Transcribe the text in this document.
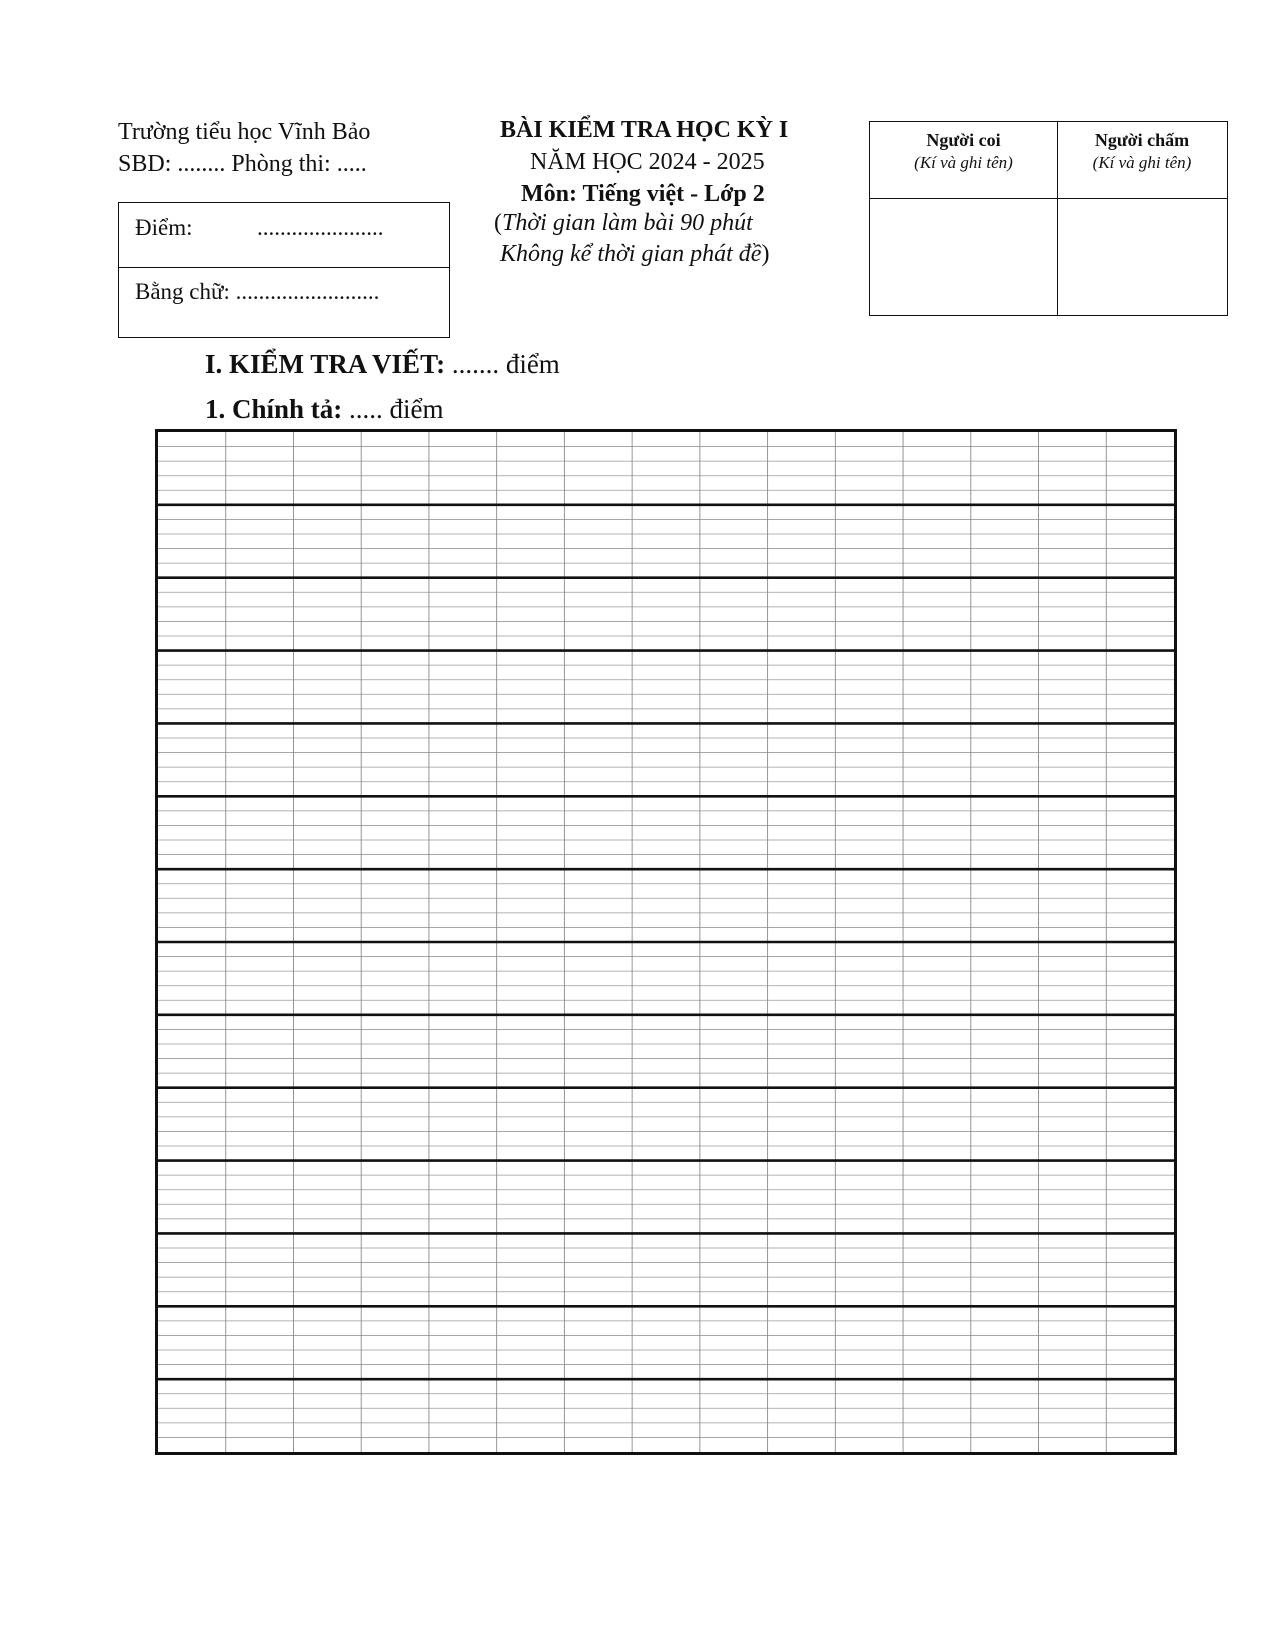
Trường tiểu học Vĩnh Bảo
SBD: ........ Phòng thi: .....
Điểm:	......................
Bằng chữ: .........................
BÀI KIỂM TRA HỌC KỲ I
NĂM HỌC 2024 - 2025
Môn: Tiếng việt - Lớp 2
(Thời gian làm bài 90 phút
Không kể thời gian phát đề)
Người coi
(Kí và ghi tên)
Người chấm
(Kí và ghi tên)
I. KIỂM TRA VIẾT: ....... điểm
1. Chính tả: ..... điểm
